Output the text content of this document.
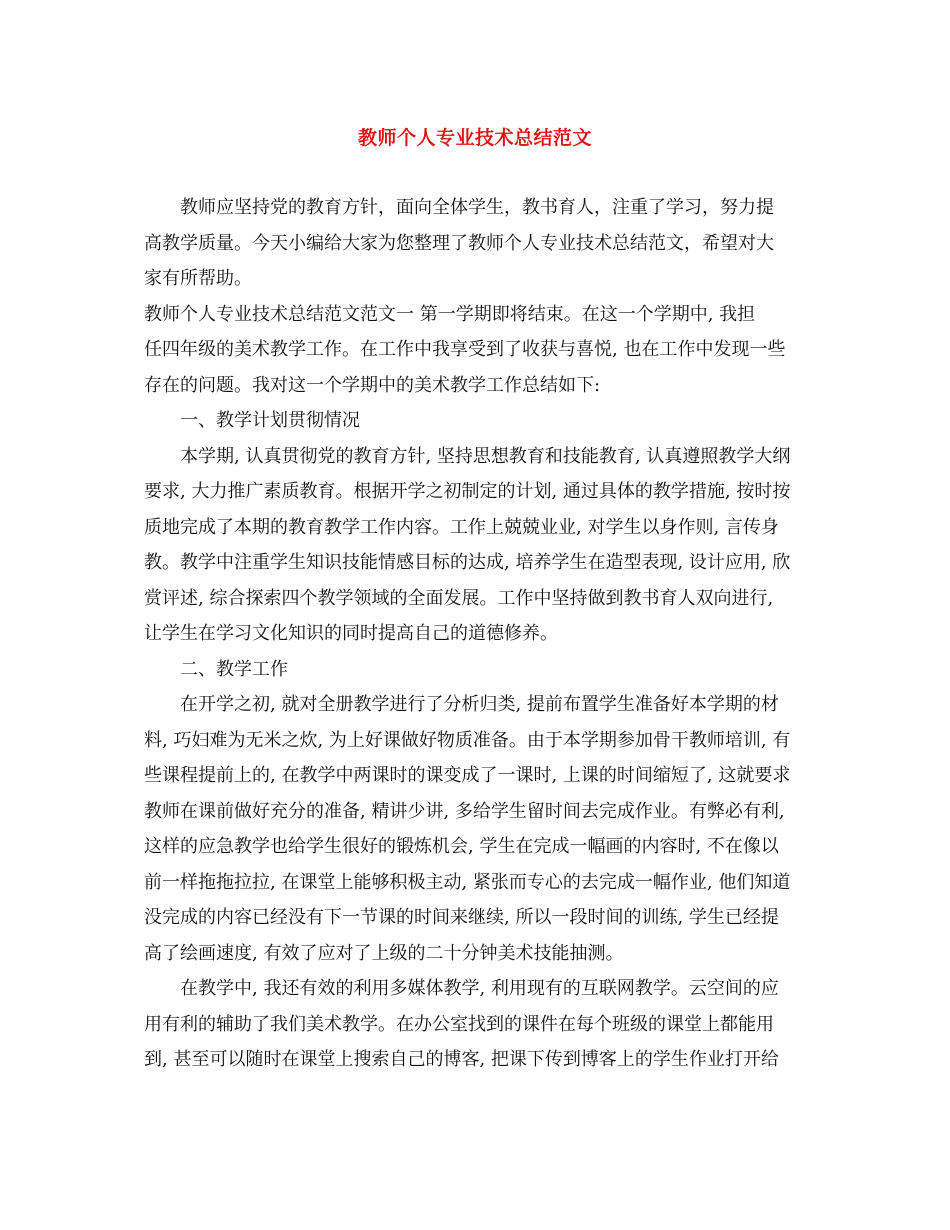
教师个人专业技术总结范文
教师应坚持党的教育方针，面向全体学生，教书育人，注重了学习，努力提
高教学质量。今天小编给大家为您整理了教师个人专业技术总结范文，希望对大
家有所帮助。
教师个人专业技术总结范文范文一 第一学期即将结束。在这一个学期中, 我担
任四年级的美术教学工作。在工作中我享受到了收获与喜悦, 也在工作中发现一些
存在的问题。我对这一个学期中的美术教学工作总结如下:
一、教学计划贯彻情况
本学期, 认真贯彻党的教育方针, 坚持思想教育和技能教育, 认真遵照教学大纲
要求, 大力推广素质教育。根据开学之初制定的计划, 通过具体的教学措施, 按时按
质地完成了本期的教育教学工作内容。工作上兢兢业业, 对学生以身作则, 言传身
教。教学中注重学生知识技能情感目标的达成, 培养学生在造型表现, 设计应用, 欣
赏评述, 综合探索四个教学领域的全面发展。工作中坚持做到教书育人双向进行,
让学生在学习文化知识的同时提高自己的道德修养。
二、教学工作
在开学之初, 就对全册教学进行了分析归类, 提前布置学生准备好本学期的材
料, 巧妇难为无米之炊, 为上好课做好物质准备。由于本学期参加骨干教师培训, 有
些课程提前上的, 在教学中两课时的课变成了一课时, 上课的时间缩短了, 这就要求
教师在课前做好充分的准备, 精讲少讲, 多给学生留时间去完成作业。有弊必有利,
这样的应急教学也给学生很好的锻炼机会, 学生在完成一幅画的内容时, 不在像以
前一样拖拖拉拉, 在课堂上能够积极主动, 紧张而专心的去完成一幅作业, 他们知道
没完成的内容已经没有下一节课的时间来继续, 所以一段时间的训练, 学生已经提
高了绘画速度, 有效了应对了上级的二十分钟美术技能抽测。
在教学中, 我还有效的利用多媒体教学, 利用现有的互联网教学。云空间的应
用有利的辅助了我们美术教学。在办公室找到的课件在每个班级的课堂上都能用
到, 甚至可以随时在课堂上搜索自己的博客, 把课下传到博客上的学生作业打开给
